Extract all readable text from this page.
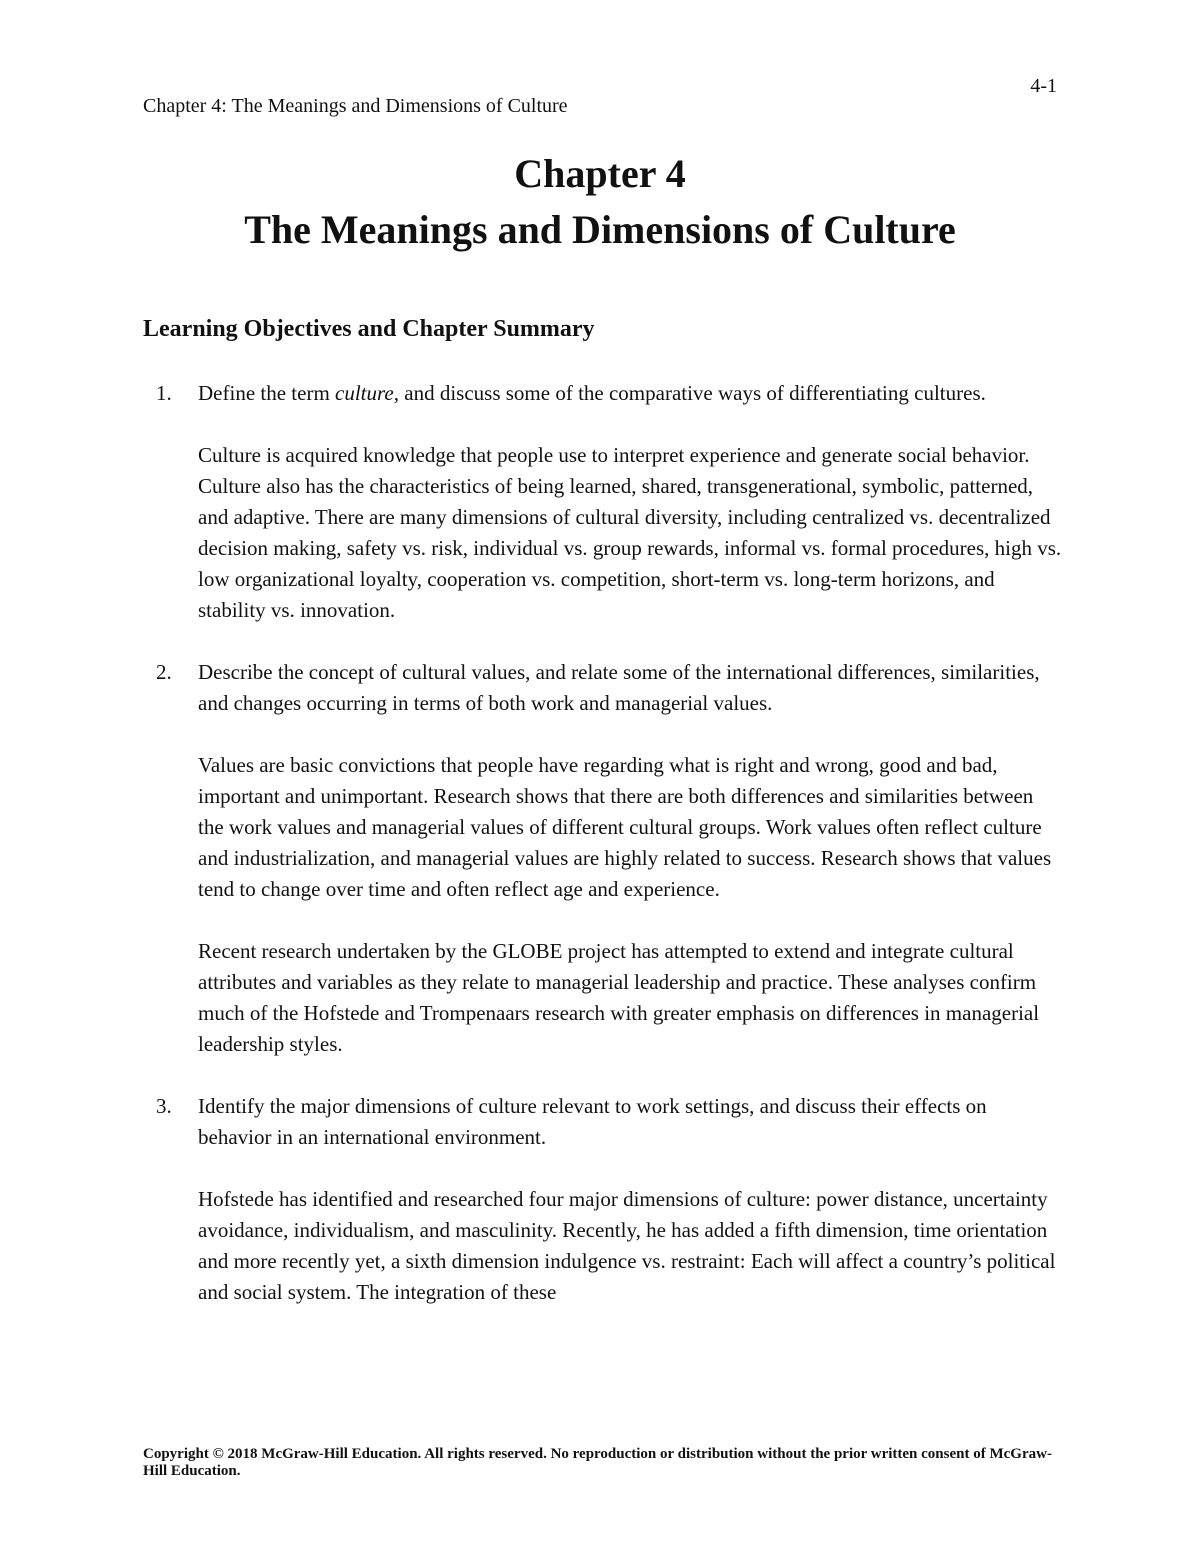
4-1
Chapter 4: The Meanings and Dimensions of Culture
Chapter 4
The Meanings and Dimensions of Culture
Learning Objectives and Chapter Summary
1. Define the term culture, and discuss some of the comparative ways of differentiating cultures.
Culture is acquired knowledge that people use to interpret experience and generate social behavior. Culture also has the characteristics of being learned, shared, transgenerational, symbolic, patterned, and adaptive. There are many dimensions of cultural diversity, including centralized vs. decentralized decision making, safety vs. risk, individual vs. group rewards, informal vs. formal procedures, high vs. low organizational loyalty, cooperation vs. competition, short-term vs. long-term horizons, and stability vs. innovation.
2. Describe the concept of cultural values, and relate some of the international differences, similarities, and changes occurring in terms of both work and managerial values.
Values are basic convictions that people have regarding what is right and wrong, good and bad, important and unimportant. Research shows that there are both differences and similarities between the work values and managerial values of different cultural groups. Work values often reflect culture and industrialization, and managerial values are highly related to success. Research shows that values tend to change over time and often reflect age and experience.
Recent research undertaken by the GLOBE project has attempted to extend and integrate cultural attributes and variables as they relate to managerial leadership and practice. These analyses confirm much of the Hofstede and Trompenaars research with greater emphasis on differences in managerial leadership styles.
3. Identify the major dimensions of culture relevant to work settings, and discuss their effects on behavior in an international environment.
Hofstede has identified and researched four major dimensions of culture: power distance, uncertainty avoidance, individualism, and masculinity. Recently, he has added a fifth dimension, time orientation and more recently yet, a sixth dimension indulgence vs. restraint: Each will affect a country’s political and social system. The integration of these
Copyright © 2018 McGraw-Hill Education. All rights reserved. No reproduction or distribution without the prior written consent of McGraw-Hill Education.
